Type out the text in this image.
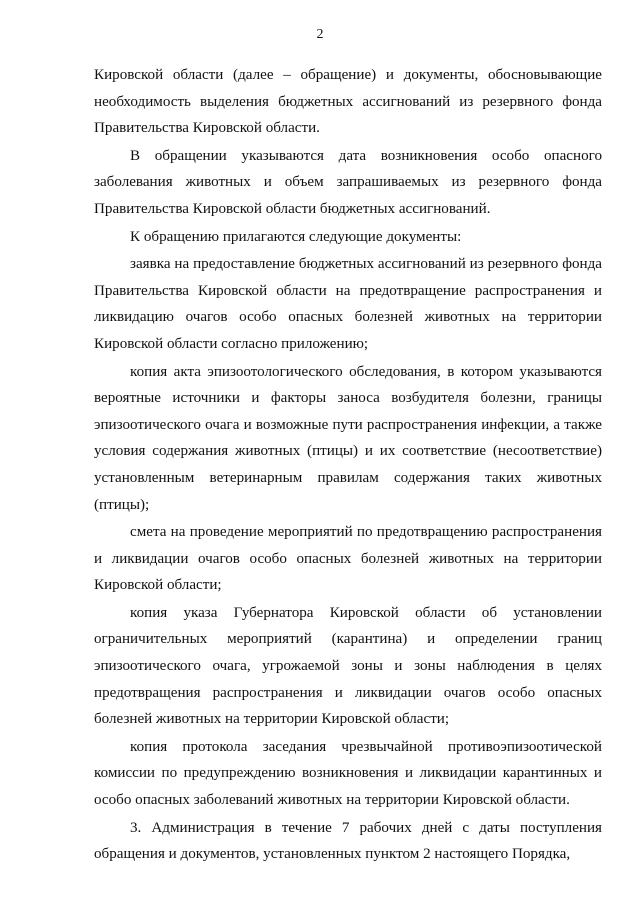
2

Кировской области (далее – обращение) и документы, обосновывающие необходимость выделения бюджетных ассигнований из резервного фонда Правительства Кировской области.

В обращении указываются дата возникновения особо опасного заболевания животных и объем запрашиваемых из резервного фонда Правительства Кировской области бюджетных ассигнований.

К обращению прилагаются следующие документы:

заявка на предоставление бюджетных ассигнований из резервного фонда Правительства Кировской области на предотвращение распространения и ликвидацию очагов особо опасных болезней животных на территории Кировской области согласно приложению;

копия акта эпизоотологического обследования, в котором указываются вероятные источники и факторы заноса возбудителя болезни, границы эпизоотического очага и возможные пути распространения инфекции, а также условия содержания животных (птицы) и их соответствие (несоответствие) установленным ветеринарным правилам содержания таких животных (птицы);

смета на проведение мероприятий по предотвращению распространения и ликвидации очагов особо опасных болезней животных на территории Кировской области;

копия указа Губернатора Кировской области об установлении ограничительных мероприятий (карантина) и определении границ эпизоотического очага, угрожаемой зоны и зоны наблюдения в целях предотвращения распространения и ликвидации очагов особо опасных болезней животных на территории Кировской области;

копия протокола заседания чрезвычайной противоэпизоотической комиссии по предупреждению возникновения и ликвидации карантинных и особо опасных заболеваний животных на территории Кировской области.

3. Администрация в течение 7 рабочих дней с даты поступления обращения и документов, установленных пунктом 2 настоящего Порядка,
